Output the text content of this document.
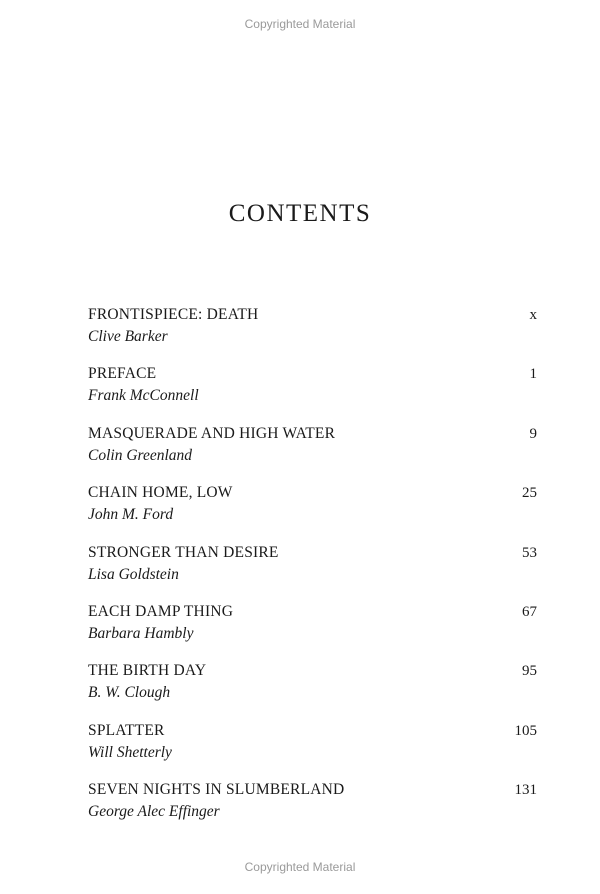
Copyrighted Material
CONTENTS
FRONTISPIECE: DEATH	x
Clive Barker
PREFACE	1
Frank McConnell
MASQUERADE AND HIGH WATER	9
Colin Greenland
CHAIN HOME, LOW	25
John M. Ford
STRONGER THAN DESIRE	53
Lisa Goldstein
EACH DAMP THING	67
Barbara Hambly
THE BIRTH DAY	95
B. W. Clough
SPLATTER	105
Will Shetterly
SEVEN NIGHTS IN SLUMBERLAND	131
George Alec Effinger
Copyrighted Material
